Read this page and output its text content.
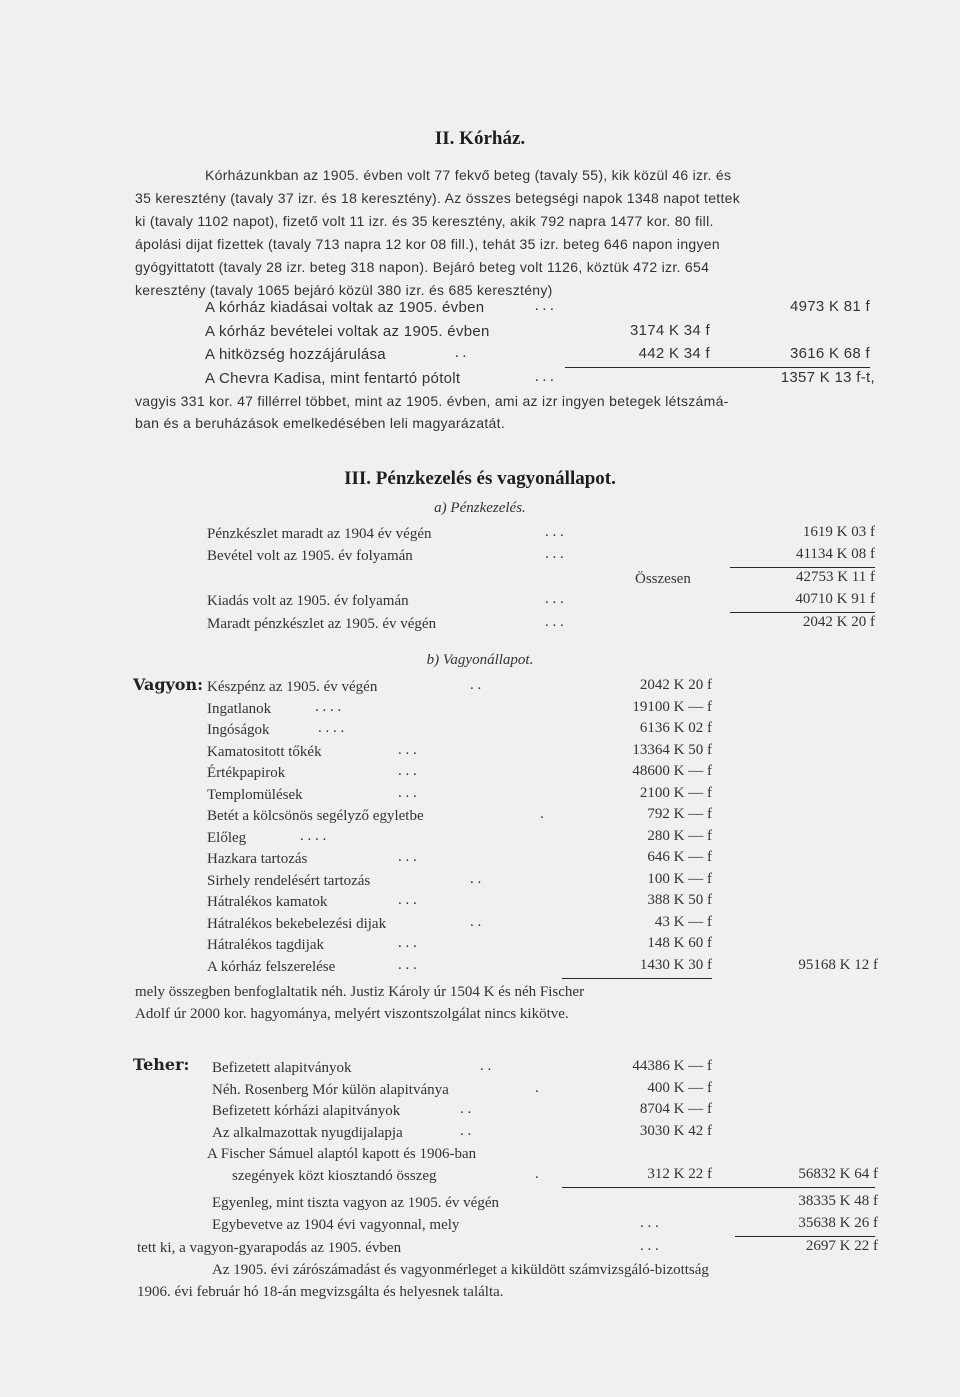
II. Kórház.
Kórházunkban az 1905. évben volt 77 fekvő beteg (tavaly 55), kik közül 46 izr. és
35 keresztény (tavaly 37 izr. és 18 keresztény). Az összes betegségi napok 1348 napot tettek
ki (tavaly 1102 napot), fizető volt 11 izr. és 35 keresztény, akik 792 napra 1477 kor. 80 fill.
ápolási dijat fizettek (tavaly 713 napra 12 kor 08 fill.), tehát 35 izr. beteg 646 napon ingyen
gyógyittatott (tavaly 28 izr. beteg 318 napon). Bejáró beteg volt 1126, köztük 472 izr. 654
keresztény (tavaly 1065 bejáró közül 380 izr. és 685 keresztény)
A kórház kiadásai voltak az 1905. évben	. . .	4973 K 81 f
A kórház bevételei voltak az 1905. évben	3174 K 34 f
A hitközség hozzájárulása	. .	442 K 34 f	3616 K 68 f
A Chevra Kadisa, mint fentartó pótolt	. . .	1357 K 13 f-t,
vagyis 331 kor. 47 fillérrel többet, mint az 1905. évben, ami az izr ingyen betegek létszámá-
ban és a beruházások emelkedésében leli magyarázatát.
III. Pénzkezelés és vagyonállapot.
a) Pénzkezelés.
Pénzkészlet maradt az 1904 év végén	. . .	1619 K 03 f
Bevétel volt az 1905. év folyamán	. . .	41134 K 08 f
Összesen	42753 K 11 f
Kiadás volt az 1905. év folyamán	. . .	40710 K 91 f
Maradt pénzkészlet az 1905. év végén	. . .	2042 K 20 f
b) Vagyonállapot.
Vagyon: Készpénz az 1905. év végén	. .	2042 K 20 f
Ingatlanok	. . . .	19100 K — f
Ingóságok	. . . .	6136 K 02 f
Kamatositott tőkék	. . .	13364 K 50 f
Értékpapirok	. . .	48600 K — f
Templomülések	. . .	2100 K — f
Betét a kölcsönös segélyző egyletbe	.	792 K — f
Előleg	. . . .	280 K — f
Hazkara tartozás	. . .	646 K — f
Sirhely rendelésért tartozás	. .	100 K — f
Hátralékos kamatok	. . .	388 K 50 f
Hátralékos bekebelezési dijak	. .	43 K — f
Hátralékos tagdijak	. . .	148 K 60 f
A kórház felszerelése	. . .	1430 K 30 f	95168 K 12 f
mely összegben benfoglaltatik néh. Justiz Károly úr 1504 K és néh Fischer
Adolf úr 2000 kor. hagyományа, melyért viszontszolgálat nincs kikötve.
Teher: Befizetett alapitványok	. .	44386 K — f
Néh. Rosenberg Mór külön alapitványa	.	400 K — f
Befizetett kórházi alapitványok	. .	8704 K — f
Az alkalmazottak nyugdijalapja	. .	3030 K 42 f
A Fischer Sámuel alaptól kapott és 1906-ban
szegények közt kiosztandó összeg	.	312 K 22 f	56832 K 64 f
Egyenleg, mint tiszta vagyon az 1905. év végén	38335 K 48 f
Egybevetve az 1904 évi vagyonnal, mely	. . .	35638 K 26 f
tett ki, a vagyon-gyarapodás az 1905. évben	. . .	2697 K 22 f
Az 1905. évi zárószámadást és vagyonmérleget a kiküldött számvizsgáló-bizottság
1906. évi február hó 18-án megvizsgálta és helyesnek találta.
